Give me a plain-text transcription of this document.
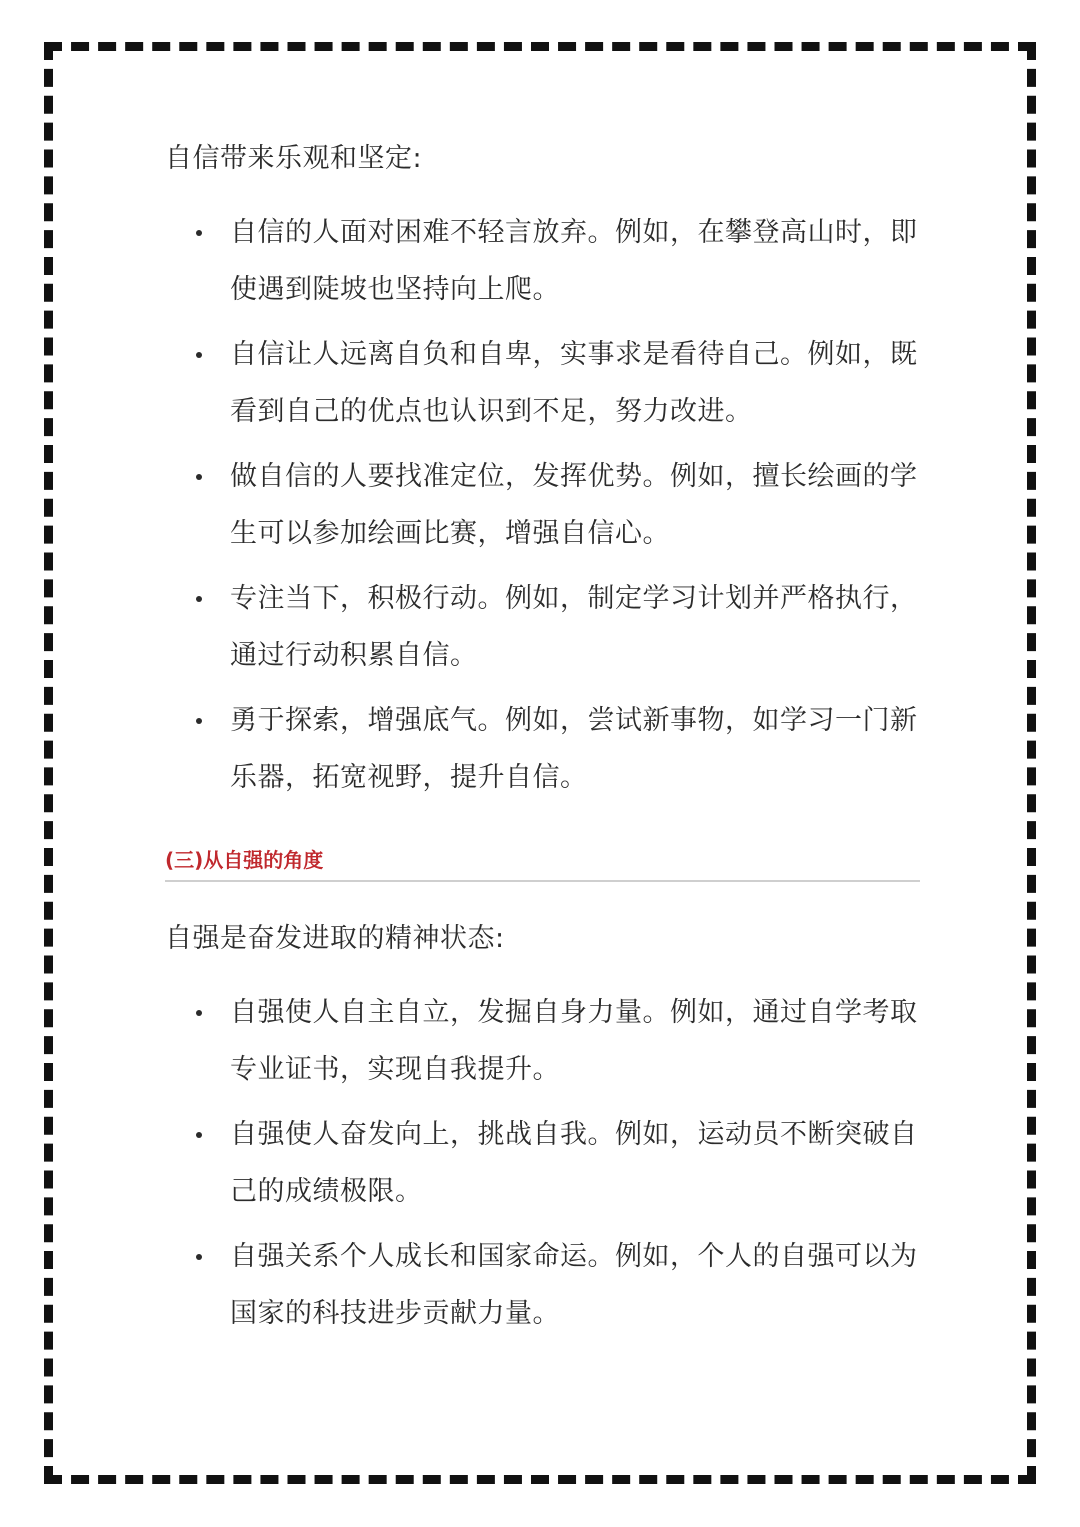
自信带来乐观和坚定:

自信的人面对困难不轻言放弃。例如，在攀登高山时，即使遇到陡坡也坚持向上爬。
自信让人远离自负和自卑，实事求是看待自己。例如，既看到自己的优点也认识到不足，努力改进。
做自信的人要找准定位，发挥优势。例如，擅长绘画的学生可以参加绘画比赛，增强自信心。
专注当下，积极行动。例如，制定学习计划并严格执行，通过行动积累自信。
勇于探索，增强底气。例如，尝试新事物，如学习一门新乐器，拓宽视野，提升自信。
(三)从自强的角度

自强是奋发进取的精神状态:

自强使人自主自立，发掘自身力量。例如，通过自学考取专业证书，实现自我提升。
自强使人奋发向上，挑战自我。例如，运动员不断突破自己的成绩极限。
自强关系个人成长和国家命运。例如，个人的自强可以为国家的科技进步贡献力量。
